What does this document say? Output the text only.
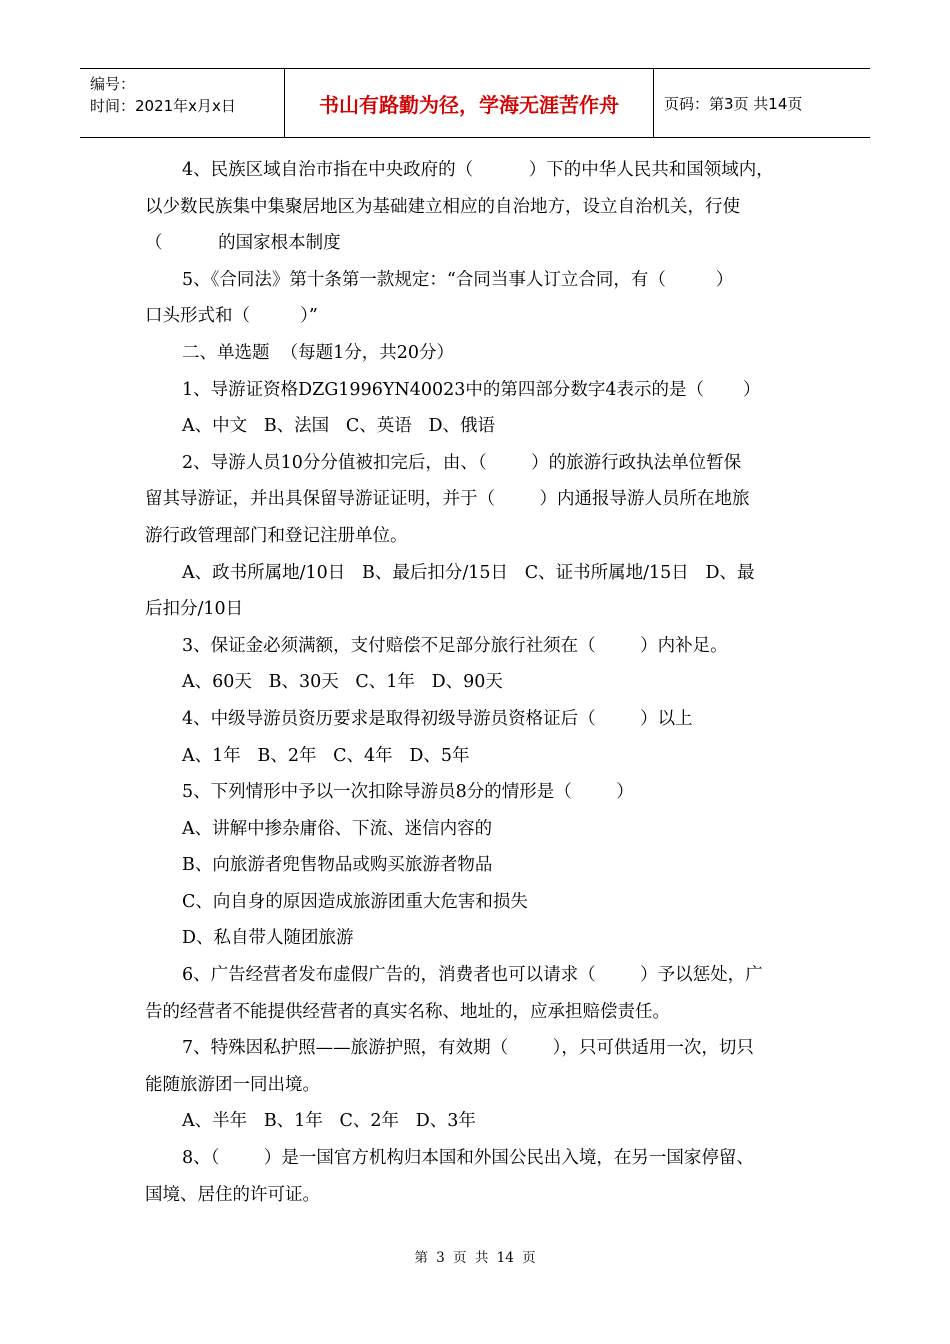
编号：
时间：2021年x月x日	书山有路勤为径，学海无涯苦作舟	页码：第3页 共14页
4、民族区域自治市指在中央政府的（          ）下的中华人民共和国领域内，
以少数民族集中集聚居地区为基础建立相应的自治地方，设立自治机关，行使
（          的国家根本制度
5、《合同法》第十条第一款规定：“合同当事人订立合同，有（         ）
口头形式和（         ）”
二、单选题  （每题1分，共20分）
1、导游证资格DZG1996YN40023中的第四部分数字4表示的是（       ）
A、中文   B、法国   C、英语   D、俄语
2、导游人员10分分值被扣完后，由、（        ）的旅游行政执法单位暂保
留其导游证，并出具保留导游证证明，并于（        ）内通报导游人员所在地旅
游行政管理部门和登记注册单位。
A、政书所属地/10日   B、最后扣分/15日   C、证书所属地/15日   D、最
后扣分/10日
3、保证金必须满额，支付赔偿不足部分旅行社须在（        ）内补足。
A、60天   B、30天   C、1年   D、90天
4、中级导游员资历要求是取得初级导游员资格证后（        ）以上
A、1年   B、2年   C、4年   D、5年
5、下列情形中予以一次扣除导游员8分的情形是（        ）
A、讲解中掺杂庸俗、下流、迷信内容的
B、向旅游者兜售物品或购买旅游者物品
C、向自身的原因造成旅游团重大危害和损失
D、私自带人随团旅游
6、广告经营者发布虚假广告的，消费者也可以请求（        ）予以惩处，广
告的经营者不能提供经营者的真实名称、地址的，应承担赔偿责任。
7、特殊因私护照——旅游护照，有效期（        ），只可供适用一次，切只
能随旅游团一同出境。
A、半年   B、1年   C、2年   D、3年
8、（        ）是一国官方机构归本国和外国公民出入境，在另一国家停留、
国境、居住的许可证。
第 3 页 共 14 页
